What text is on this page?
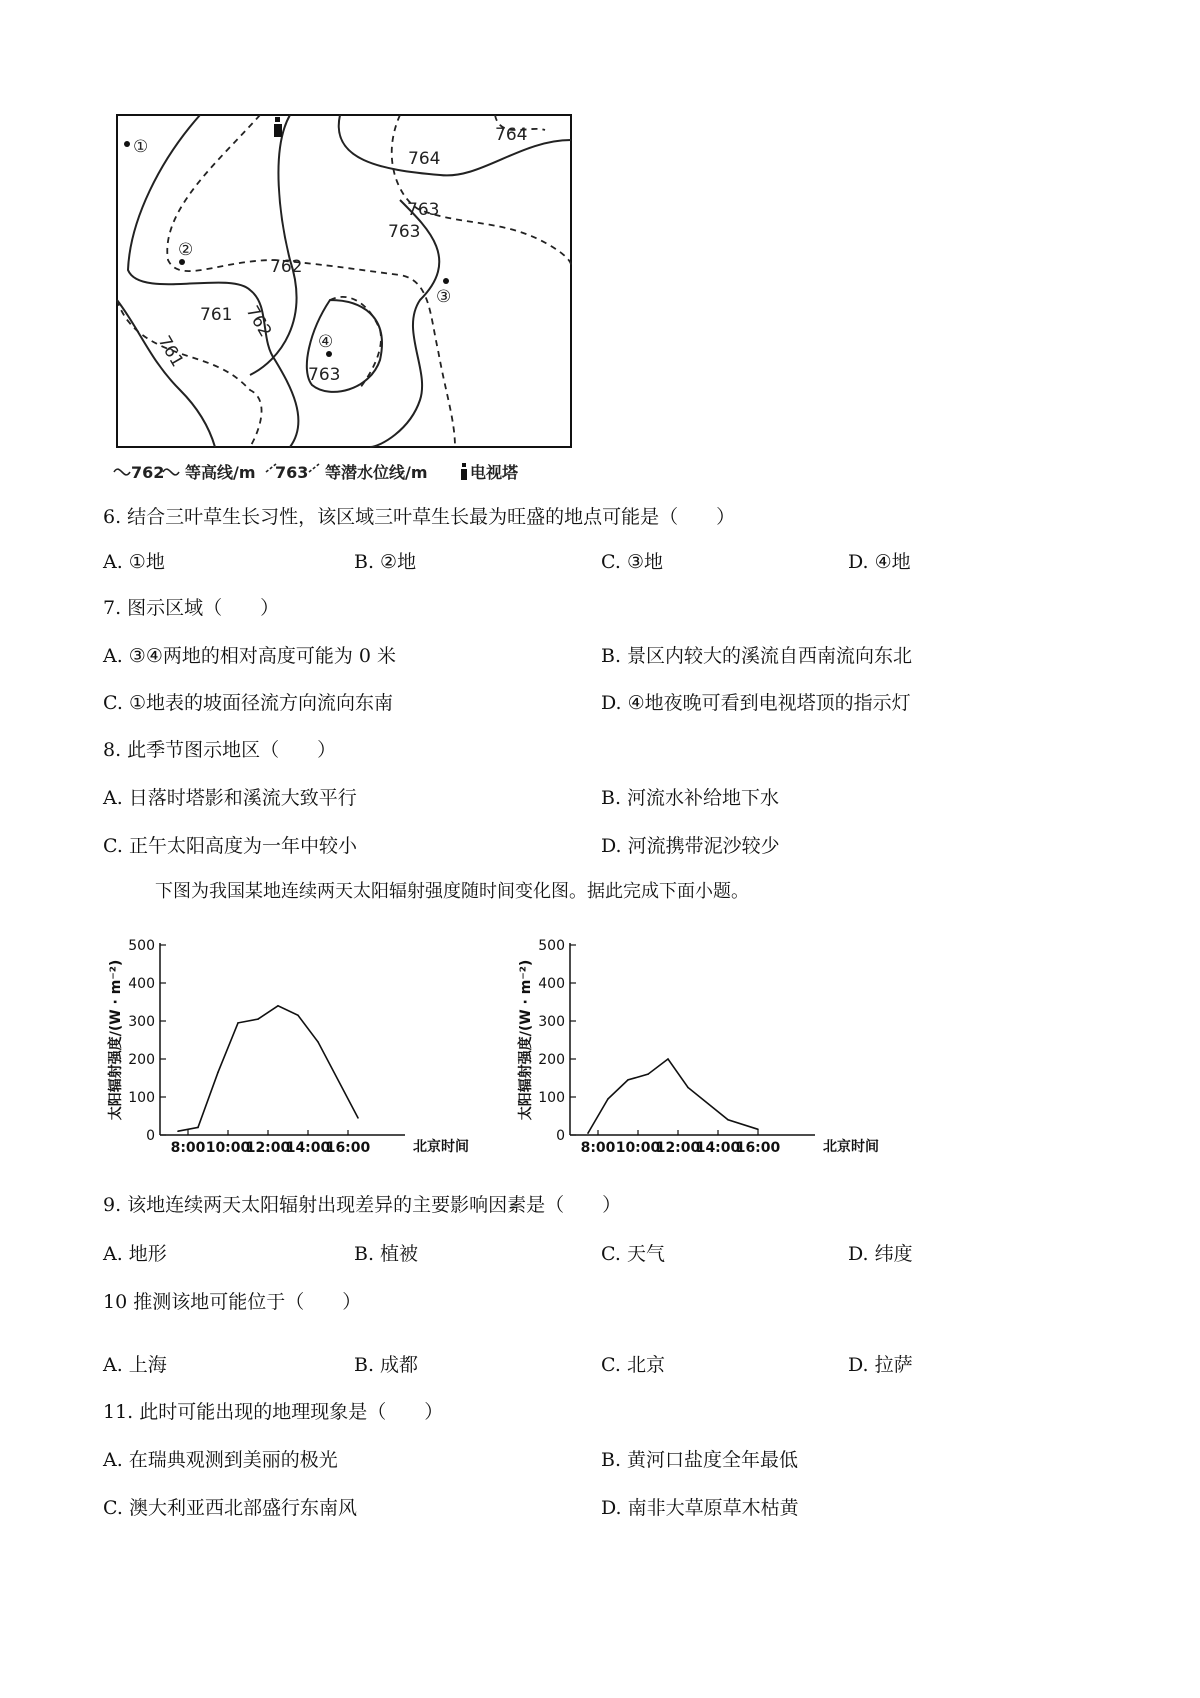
764
764
763
763
762
762
761
761
763
①
②
③
④
762 等高线/m 763 等潜水位线/m	电视塔
6. 结合三叶草生长习性，该区域三叶草生长最为旺盛的地点可能是（　　）
A. ①地	B. ②地	C. ③地	D. ④地
7. 图示区域（　　）
A. ③④两地的相对高度可能为 0 米	B. 景区内较大的溪流自西南流向东北
C. ①地表的坡面径流方向流向东南	D. ④地夜晚可看到电视塔顶的指示灯
8. 此季节图示地区（　　）
A. 日落时塔影和溪流大致平行	B. 河流水补给地下水
C. 正午太阳高度为一年中较小	D. 河流携带泥沙较少
下图为我国某地连续两天太阳辐射强度随时间变化图。据此完成下面小题。
0
100
200
300
400
500
8:00 10:00
12:00
14:00
16:00	北京时间
太阳辐射强度/(W · m⁻²)
0
100
200
300
400
500
8:00 10:00
12:00
14:00
16:00	北京时间
太阳辐射强度/(W · m⁻²)
9. 该地连续两天太阳辐射出现差异的主要影响因素是（　　）
A. 地形	B. 植被	C. 天气	D. 纬度
10 推测该地可能位于（　　）
A. 上海	B. 成都	C. 北京	D. 拉萨
11. 此时可能出现的地理现象是（　　）
A. 在瑞典观测到美丽的极光	B. 黄河口盐度全年最低
C. 澳大利亚西北部盛行东南风	D. 南非大草原草木枯黄
